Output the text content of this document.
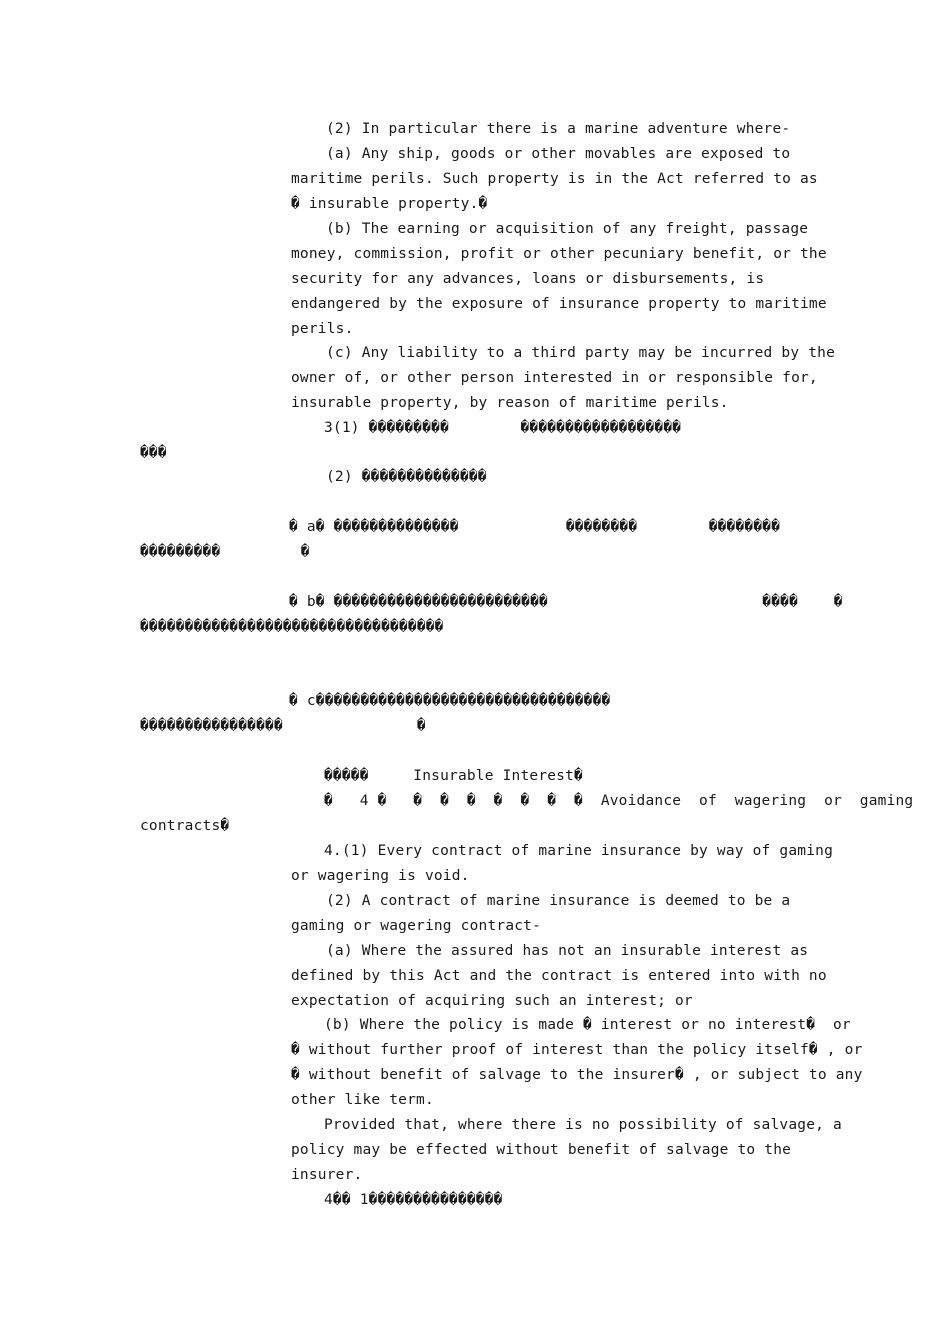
(2) In particular there is a marine adventure where-
(a) Any ship, goods or other movables are exposed to
maritime perils. Such property is in the Act referred to as
� insurable property.�
(b) The earning or acquisition of any freight, passage
money, commission, profit or other pecuniary benefit, or the
security for any advances, loans or disbursements, is
endangered by the exposure of insurance property to maritime
perils.
(c) Any liability to a third party may be incurred by the
owner of, or other person interested in or responsible for,
insurable property, by reason of maritime perils.
3(1) ���������        ������������������
���
(2) ��������������
� a� ��������������            ��������        ��������
���������         �
� b� ������������������������                        ����    �
����������������������������������
� c���������������������������������
����������������               �
�����     Insurable Interest�
�   4 �   �  �  �  �  �  �  �  Avoidance  of  wagering  or  gaming
contracts�
4.(1) Every contract of marine insurance by way of gaming
or wagering is void.
(2) A contract of marine insurance is deemed to be a
gaming or wagering contract-
(a) Where the assured has not an insurable interest as
defined by this Act and the contract is entered into with no
expectation of acquiring such an interest; or
(b) Where the policy is made � interest or no interest�  or
� without further proof of interest than the policy itself� , or
� without benefit of salvage to the insurer� , or subject to any
other like term.
Provided that, where there is no possibility of salvage, a
policy may be effected without benefit of salvage to the
insurer.
4�� 1���������������
